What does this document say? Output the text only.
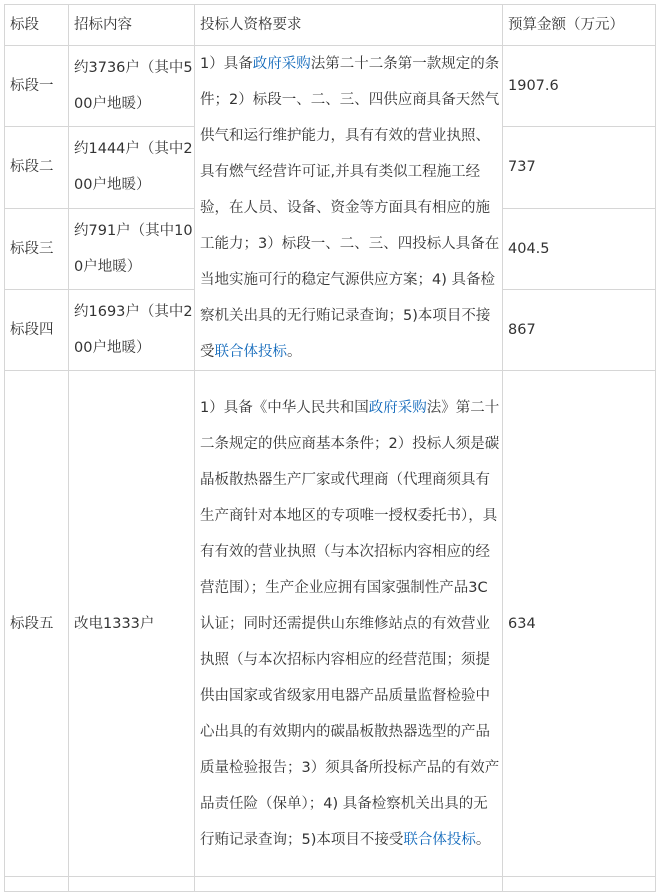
标段	招标内容	投标人资格要求	预算金额（万元）
标段一	约3736户（其中500户地暖）	1）具备政府采购法第二十二条第一款规定的条件；2）标段一、二、三、四供应商具备天然气供气和运行维护能力，具有有效的营业执照、具有燃气经营许可证,并具有类似工程施工经验，在人员、设备、资金等方面具有相应的施工能力；3）标段一、二、三、四投标人具备在当地实施可行的稳定气源供应方案；4) 具备检察机关出具的无行贿记录查询；5)本项目不接受联合体投标。	1907.6
标段二	约1444户（其中200户地暖）		737
标段三	约791户（其中100户地暖）		404.5
标段四	约1693户（其中200户地暖）		867
标段五	改电1333户	1）具备《中华人民共和国政府采购法》第二十二条规定的供应商基本条件；2）投标人须是碳晶板散热器生产厂家或代理商（代理商须具有生产商针对本地区的专项唯一授权委托书），具有有效的营业执照（与本次招标内容相应的经营范围）；生产企业应拥有国家强制性产品3C认证；同时还需提供山东维修站点的有效营业执照（与本次招标内容相应的经营范围；须提供由国家或省级家用电器产品质量监督检验中心出具的有效期内的碳晶板散热器选型的产品质量检验报告；3）须具备所投标产品的有效产品责任险（保单）；4) 具备检察机关出具的无行贿记录查询；5)本项目不接受联合体投标。	634
